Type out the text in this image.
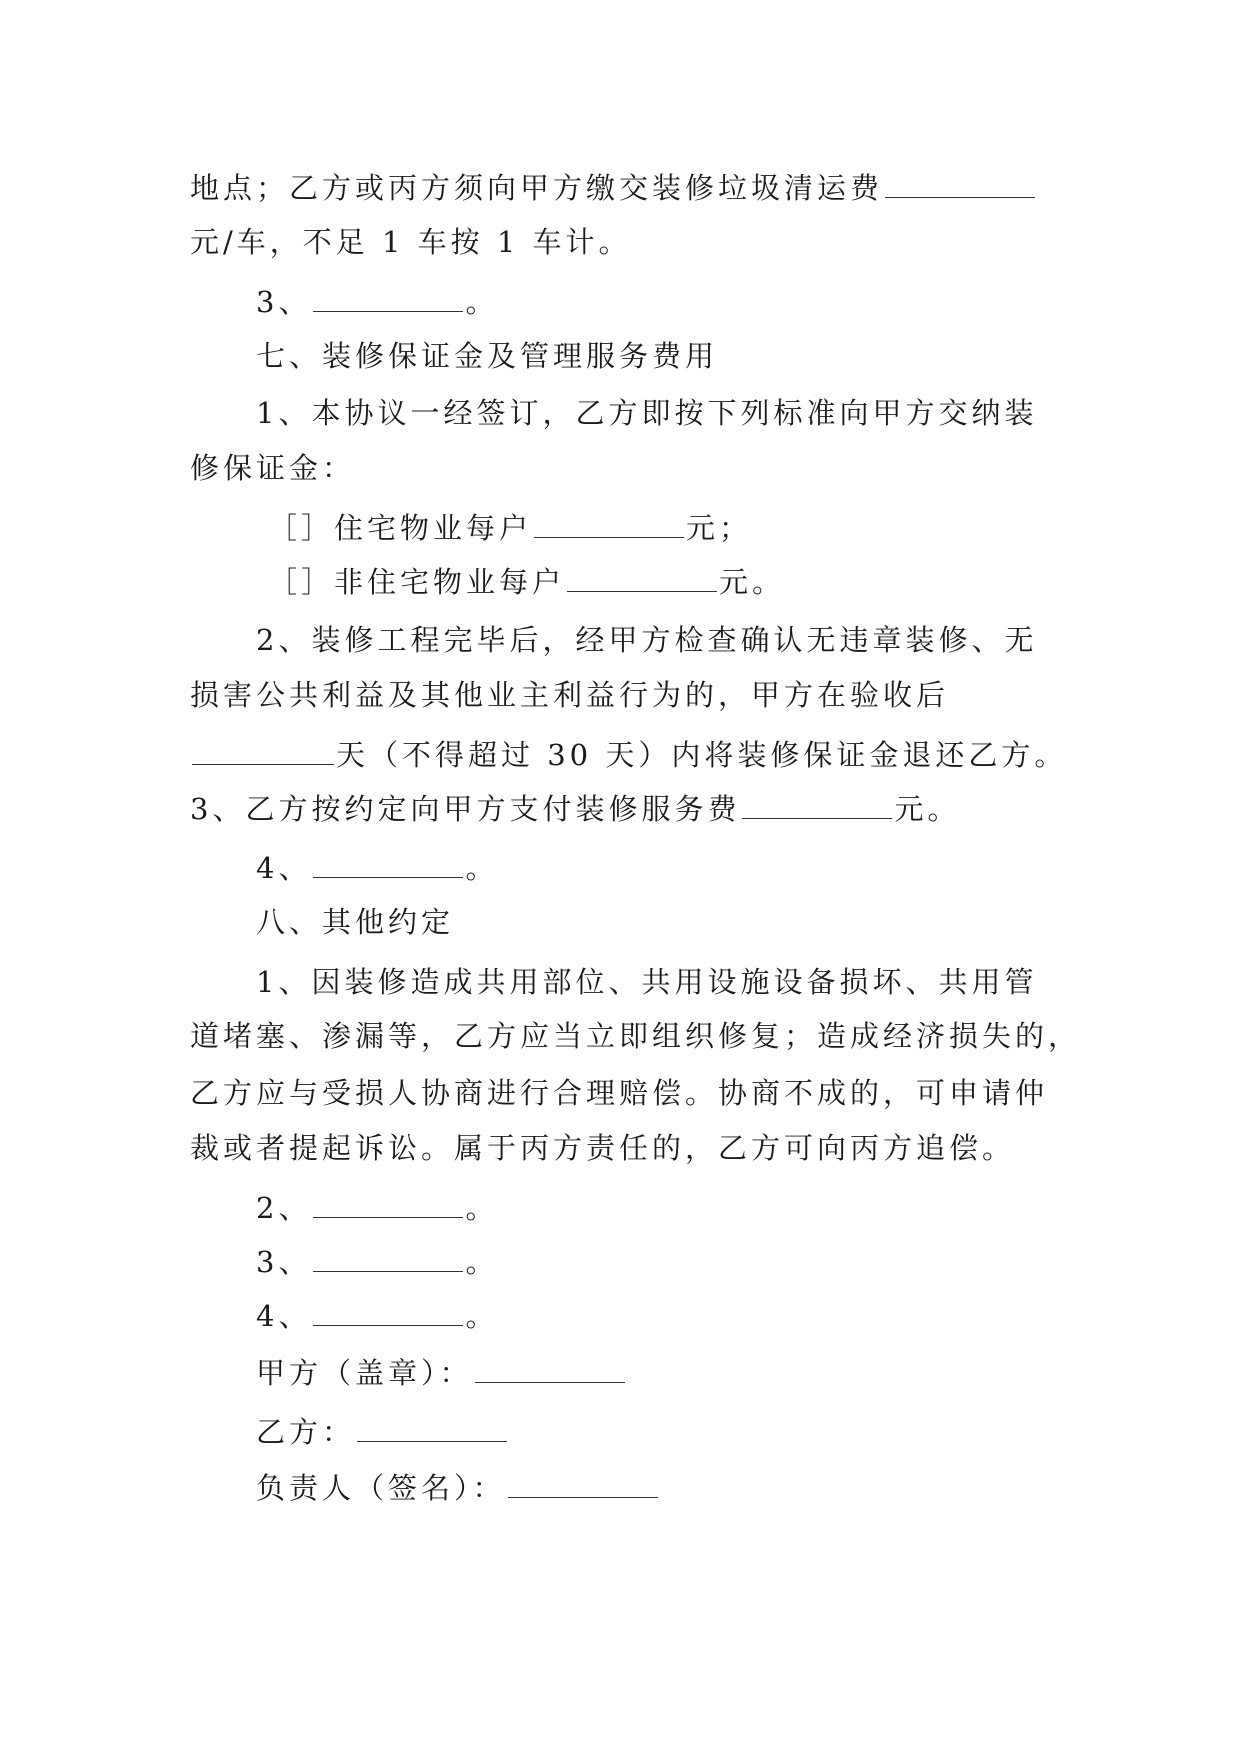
地点；乙方或丙方须向甲方缴交装修垃圾清运费
元/车，不足 1 车按 1 车计。
3、	。
七、装修保证金及管理服务费用
1、本协议一经签订，乙方即按下列标准向甲方交纳装
修保证金：
［］住宅物业每户	元；
［］非住宅物业每户	元。
2、装修工程完毕后，经甲方检查确认无违章装修、无
损害公共利益及其他业主利益行为的，甲方在验收后
天（不得超过 30 天）内将装修保证金退还乙方。
3、乙方按约定向甲方支付装修服务费	元。
4、	。
八、其他约定
1、因装修造成共用部位、共用设施设备损坏、共用管
道堵塞、渗漏等，乙方应当立即组织修复；造成经济损失的，
乙方应与受损人协商进行合理赔偿。协商不成的，可申请仲
裁或者提起诉讼。属于丙方责任的，乙方可向丙方追偿。
2、	。
3、	。
4、	。
甲方（盖章）：
乙方：
负责人（签名）：
